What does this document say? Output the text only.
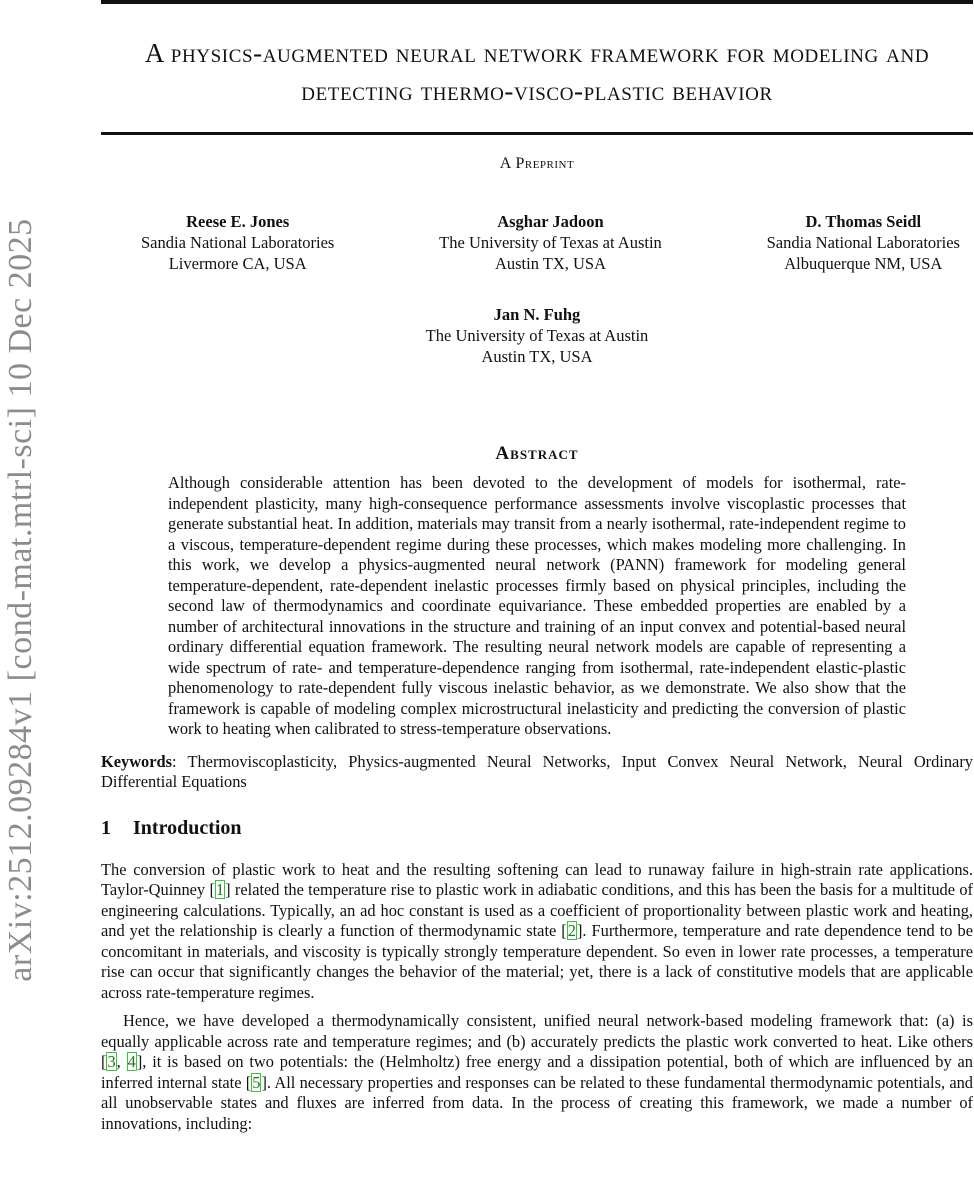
arXiv:2512.09284v1 [cond-mat.mtrl-sci] 10 Dec 2025
A physics-augmented neural network framework for modeling and detecting thermo-visco-plastic behavior
A Preprint
Reese E. Jones
Sandia National Laboratories
Livermore CA, USA
Asghar Jadoon
The University of Texas at Austin
Austin TX, USA
D. Thomas Seidl
Sandia National Laboratories
Albuquerque NM, USA
Jan N. Fuhg
The University of Texas at Austin
Austin TX, USA
Abstract
Although considerable attention has been devoted to the development of models for isothermal, rate-independent plasticity, many high-consequence performance assessments involve viscoplastic processes that generate substantial heat. In addition, materials may transit from a nearly isothermal, rate-independent regime to a viscous, temperature-dependent regime during these processes, which makes modeling more challenging. In this work, we develop a physics-augmented neural network (PANN) framework for modeling general temperature-dependent, rate-dependent inelastic processes firmly based on physical principles, including the second law of thermodynamics and coordinate equivariance. These embedded properties are enabled by a number of architectural innovations in the structure and training of an input convex and potential-based neural ordinary differential equation framework. The resulting neural network models are capable of representing a wide spectrum of rate- and temperature-dependence ranging from isothermal, rate-independent elastic-plastic phenomenology to rate-dependent fully viscous inelastic behavior, as we demonstrate. We also show that the framework is capable of modeling complex microstructural inelasticity and predicting the conversion of plastic work to heating when calibrated to stress-temperature observations.
Keywords: Thermoviscoplasticity, Physics-augmented Neural Networks, Input Convex Neural Network, Neural Ordinary Differential Equations
1 Introduction
The conversion of plastic work to heat and the resulting softening can lead to runaway failure in high-strain rate applications. Taylor-Quinney [1] related the temperature rise to plastic work in adiabatic conditions, and this has been the basis for a multitude of engineering calculations. Typically, an ad hoc constant is used as a coefficient of proportionality between plastic work and heating, and yet the relationship is clearly a function of thermodynamic state [2]. Furthermore, temperature and rate dependence tend to be concomitant in materials, and viscosity is typically strongly temperature dependent. So even in lower rate processes, a temperature rise can occur that significantly changes the behavior of the material; yet, there is a lack of constitutive models that are applicable across rate-temperature regimes.
Hence, we have developed a thermodynamically consistent, unified neural network-based modeling framework that: (a) is equally applicable across rate and temperature regimes; and (b) accurately predicts the plastic work converted to heat. Like others [3, 4], it is based on two potentials: the (Helmholtz) free energy and a dissipation potential, both of which are influenced by an inferred internal state [5]. All necessary properties and responses can be related to these fundamental thermodynamic potentials, and all unobservable states and fluxes are inferred from data. In the process of creating this framework, we made a number of innovations, including:
